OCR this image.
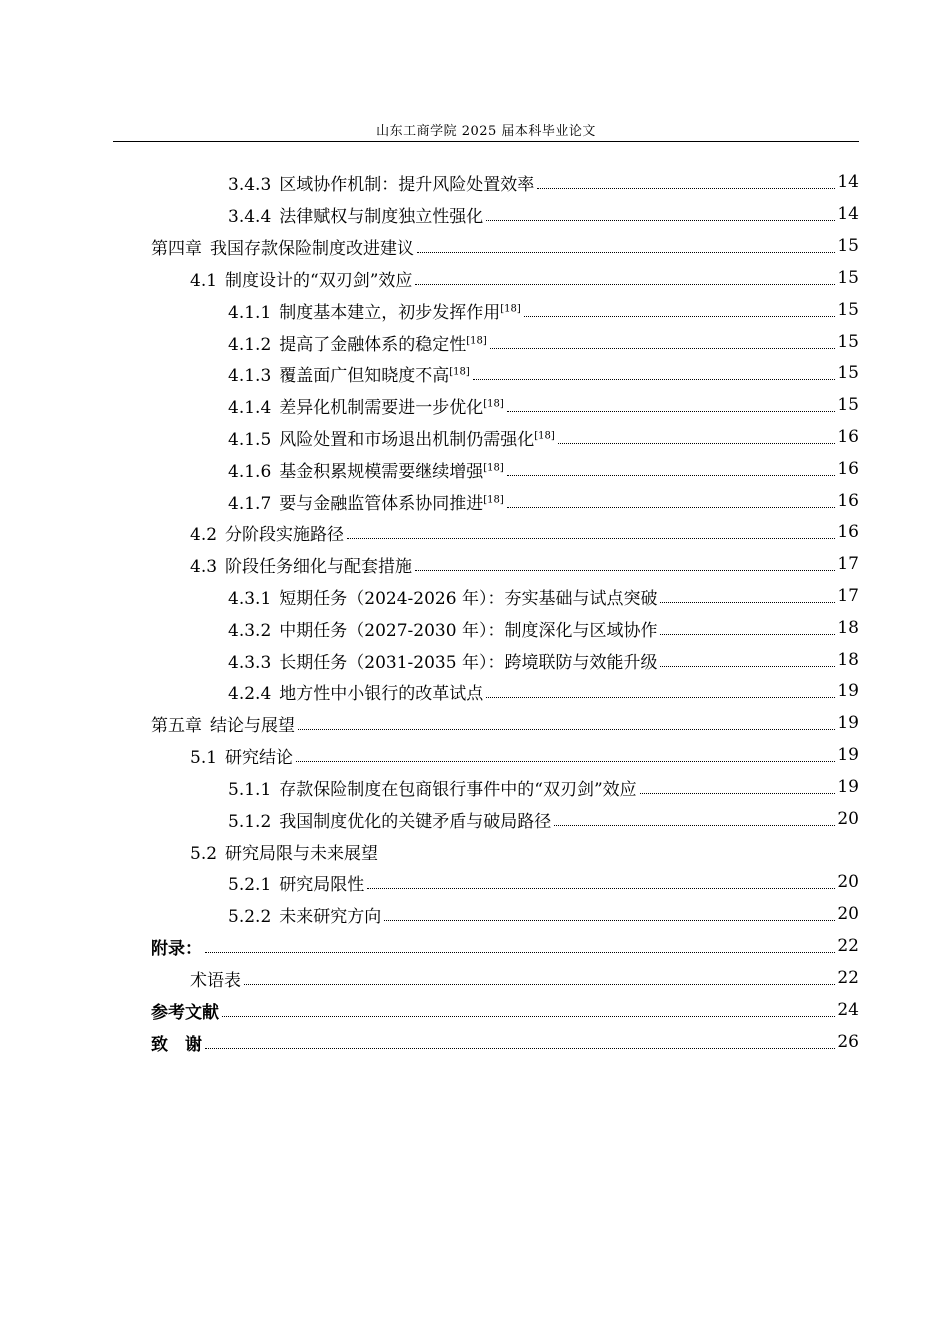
山东工商学院 2025 届本科毕业论文
3.4.3 区域协作机制：提升风险处置效率	14
3.4.4 法律赋权与制度独立性强化	14
第四章 我国存款保险制度改进建议	15
4.1 制度设计的“双刃剑”效应	15
4.1.1 制度基本建立，初步发挥作用[18]	15
4.1.2 提高了金融体系的稳定性[18]	15
4.1.3 覆盖面广但知晓度不高[18]	15
4.1.4 差异化机制需要进一步优化[18]	15
4.1.5 风险处置和市场退出机制仍需强化[18]	16
4.1.6 基金积累规模需要继续增强[18]	16
4.1.7 要与金融监管体系协同推进[18]	16
4.2 分阶段实施路径	16
4.3 阶段任务细化与配套措施	17
4.3.1 短期任务（2024-2026 年）：夯实基础与试点突破	17
4.3.2 中期任务（2027-2030 年）：制度深化与区域协作	18
4.3.3 长期任务（2031-2035 年）：跨境联防与效能升级	18
4.2.4 地方性中小银行的改革试点	19
第五章 结论与展望	19
5.1 研究结论	19
5.1.1 存款保险制度在包商银行事件中的“双刃剑”效应	19
5.1.2 我国制度优化的关键矛盾与破局路径	20
5.2 研究局限与未来展望
5.2.1 研究局限性	20
5.2.2 未来研究方向	20
附录：	22
术语表	22
参考文献	24
致　谢	26
